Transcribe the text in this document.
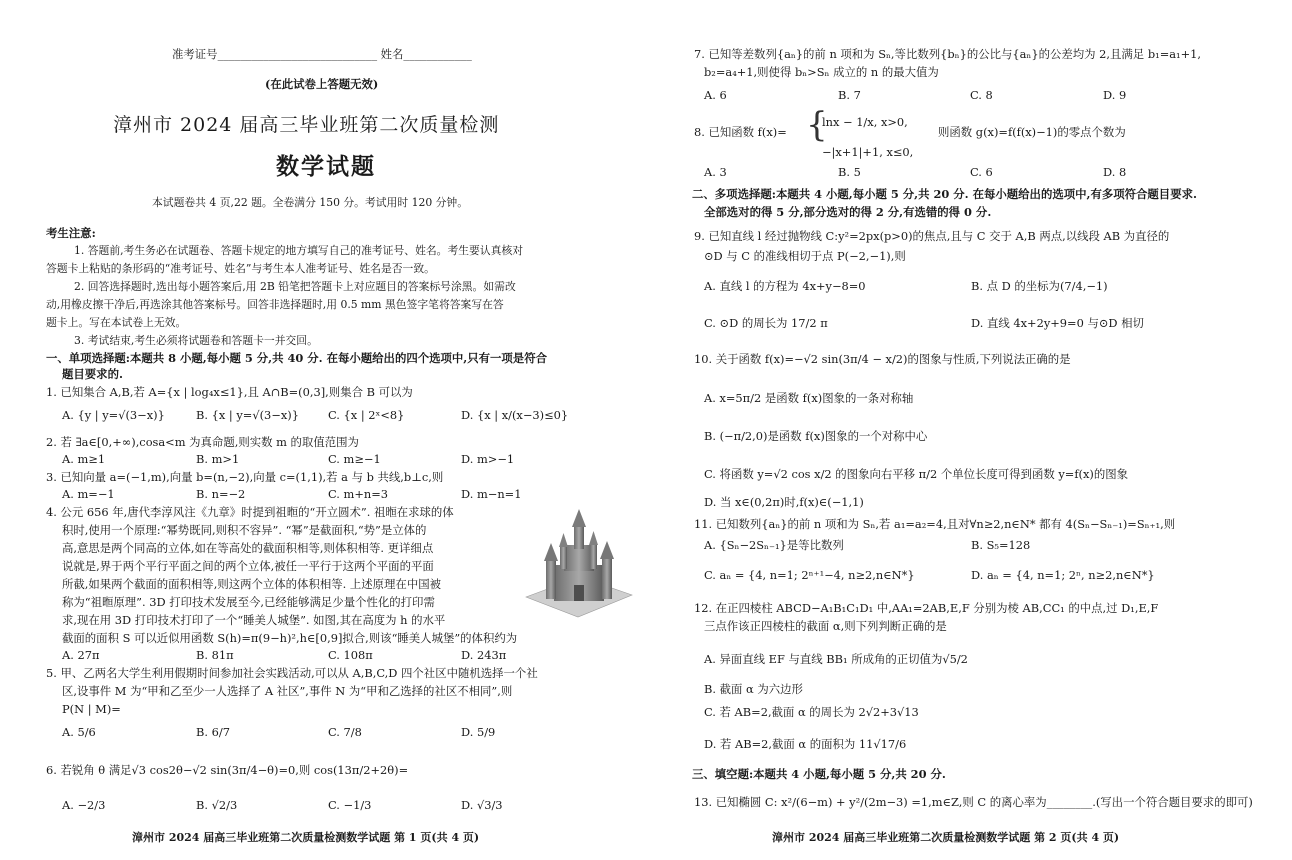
准考证号____________________________ 姓名____________
(在此试卷上答题无效)
漳州市 2024 届高三毕业班第二次质量检测
数学试题
本试题卷共 4 页,22 题。全卷满分 150 分。考试用时 120 分钟。
考生注意:
1. 答题前,考生务必在试题卷、答题卡规定的地方填写自己的准考证号、姓名。考生要认真核对
答题卡上粘贴的条形码的“准考证号、姓名”与考生本人准考证号、姓名是否一致。
2. 回答选择题时,选出每小题答案后,用 2B 铅笔把答题卡上对应题目的答案标号涂黑。如需改
动,用橡皮擦干净后,再选涂其他答案标号。回答非选择题时,用 0.5 mm 黑色签字笔将答案写在答
题卡上。写在本试卷上无效。
3. 考试结束,考生必须将试题卷和答题卡一并交回。
一、单项选择题:本题共 8 小题,每小题 5 分,共 40 分. 在每小题给出的四个选项中,只有一项是符合
题目要求的.
1. 已知集合 A,B,若 A={x | log₄x≤1},且 A∩B=(0,3],则集合 B 可以为
A. {y | y=√(3−x)}	B. {x | y=√(3−x)}	C. {x | 2ˣ<8}	D. {x | x/(x−3)≤0}
2. 若 ∃a∈[0,+∞),cosa<m 为真命题,则实数 m 的取值范围为
A. m≥1	B. m>1	C. m≥−1	D. m>−1
3. 已知向量 a=(−1,m),向量 b=(n,−2),向量 c=(1,1),若 a 与 b 共线,b⊥c,则
A. m=−1	B. n=−2	C. m+n=3	D. m−n=1
4. 公元 656 年,唐代李淳风注《九章》时提到祖暅的“开立圆术”. 祖暅在求球的体
积时,使用一个原理:“幂势既同,则积不容异”. “幂”是截面积,“势”是立体的
高,意思是两个同高的立体,如在等高处的截面积相等,则体积相等. 更详细点
说就是,界于两个平行平面之间的两个立体,被任一平行于这两个平面的平面
所截,如果两个截面的面积相等,则这两个立体的体积相等. 上述原理在中国被
称为“祖暅原理”. 3D 打印技术发展至今,已经能够满足少量个性化的打印需
求,现在用 3D 打印技术打印了一个“睡美人城堡”. 如图,其在高度为 h 的水平
截面的面积 S 可以近似用函数 S(h)=π(9−h)²,h∈[0,9]拟合,则该“睡美人城堡”的体积约为
A. 27π	B. 81π	C. 108π	D. 243π
5. 甲、乙两名大学生利用假期时间参加社会实践活动,可以从 A,B,C,D 四个社区中随机选择一个社
区,设事件 M 为“甲和乙至少一人选择了 A 社区”,事件 N 为“甲和乙选择的社区不相同”,则
P(N | M)=
A. 5/6	B. 6/7	C. 7/8	D. 5/9
6. 若锐角 θ 满足√3 cos2θ−√2 sin(3π/4−θ)=0,则 cos(13π/2+2θ)=
A. −2/3	B. √2/3	C. −1/3	D. √3/3
漳州市 2024 届高三毕业班第二次质量检测数学试题 第 1 页(共 4 页)
7. 已知等差数列{aₙ}的前 n 项和为 Sₙ,等比数列{bₙ}的公比与{aₙ}的公差均为 2,且满足 b₁=a₁+1,
b₂=a₄+1,则使得 bₙ>Sₙ 成立的 n 的最大值为
A. 6	B. 7	C. 8	D. 9
8. 已知函数 f(x)= {
lnx − 1/x, x>0,
−|x+1|+1, x≤0,
则函数 g(x)=f(f(x)−1)的零点个数为
A. 3	B. 5	C. 6	D. 8
二、多项选择题:本题共 4 小题,每小题 5 分,共 20 分. 在每小题给出的选项中,有多项符合题目要求.
全部选对的得 5 分,部分选对的得 2 分,有选错的得 0 分.
9. 已知直线 l 经过抛物线 C:y²=2px(p>0)的焦点,且与 C 交于 A,B 两点,以线段 AB 为直径的
⊙D 与 C 的准线相切于点 P(−2,−1),则
A. 直线 l 的方程为 4x+y−8=0	B. 点 D 的坐标为(7/4,−1)
C. ⊙D 的周长为 17/2 π	D. 直线 4x+2y+9=0 与⊙D 相切
10. 关于函数 f(x)=−√2 sin(3π/4 − x/2)的图象与性质,下列说法正确的是
A. x=5π/2 是函数 f(x)图象的一条对称轴
B. (−π/2,0)是函数 f(x)图象的一个对称中心
C. 将函数 y=√2 cos x/2 的图象向右平移 π/2 个单位长度可得到函数 y=f(x)的图象
D. 当 x∈(0,2π)时,f(x)∈(−1,1)
11. 已知数列{aₙ}的前 n 项和为 Sₙ,若 a₁=a₂=4,且对∀n≥2,n∈N* 都有 4(Sₙ−Sₙ₋₁)=Sₙ₊₁,则
A. {Sₙ−2Sₙ₋₁}是等比数列	B. S₅=128
C. aₙ = {4, n=1; 2ⁿ⁺¹−4, n≥2,n∈N*}	D. aₙ = {4, n=1; 2ⁿ, n≥2,n∈N*}
12. 在正四棱柱 ABCD−A₁B₁C₁D₁ 中,AA₁=2AB,E,F 分别为棱 AB,CC₁ 的中点,过 D₁,E,F
三点作该正四棱柱的截面 α,则下列判断正确的是
A. 异面直线 EF 与直线 BB₁ 所成角的正切值为√5/2
B. 截面 α 为六边形
C. 若 AB=2,截面 α 的周长为 2√2+3√13
D. 若 AB=2,截面 α 的面积为 11√17/6
三、填空题:本题共 4 小题,每小题 5 分,共 20 分.
13. 已知椭圆 C: x²/(6−m) + y²/(2m−3) =1,m∈Z,则 C 的离心率为________.(写出一个符合题目要求的即可)
漳州市 2024 届高三毕业班第二次质量检测数学试题 第 2 页(共 4 页)
